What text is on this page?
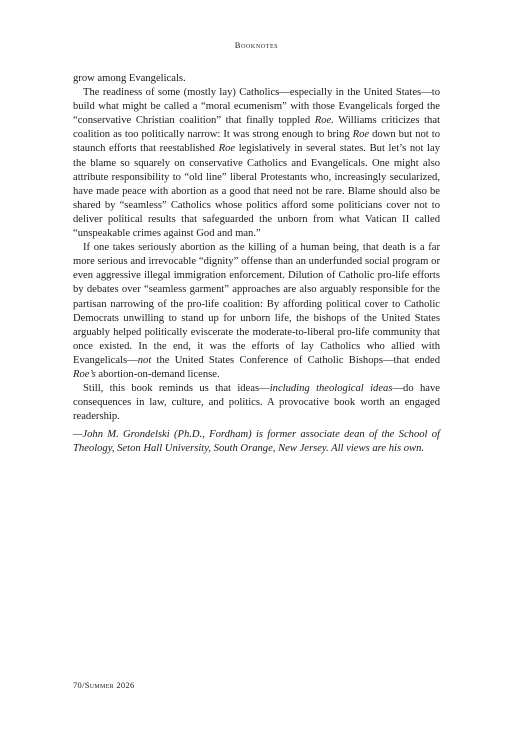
Booknotes

grow among Evangelicals.

The readiness of some (mostly lay) Catholics—especially in the United States—to build what might be called a “moral ecumenism” with those Evangelicals forged the “conservative Christian coalition” that finally toppled Roe. Williams criticizes that coalition as too politically narrow: It was strong enough to bring Roe down but not to staunch efforts that reestablished Roe legislatively in several states. But let’s not lay the blame so squarely on conservative Catholics and Evangelicals. One might also attribute responsibility to “old line” liberal Protestants who, increasingly secularized, have made peace with abortion as a good that need not be rare. Blame should also be shared by “seamless” Catholics whose politics afford some politicians cover not to deliver political results that safeguarded the unborn from what Vatican II called “unspeakable crimes against God and man.”

If one takes seriously abortion as the killing of a human being, that death is a far more serious and irrevocable “dignity” offense than an underfunded social program or even aggressive illegal immigration enforcement. Dilution of Catholic pro-life efforts by debates over “seamless garment” approaches are also arguably responsible for the partisan narrowing of the pro-life coalition: By affording political cover to Catholic Democrats unwilling to stand up for unborn life, the bishops of the United States arguably helped politically eviscerate the moderate-to-liberal pro-life community that once existed. In the end, it was the efforts of lay Catholics who allied with Evangelicals—not the United States Conference of Catholic Bishops—that ended Roe’s abortion-on-demand license.

Still, this book reminds us that ideas—including theological ideas—do have consequences in law, culture, and politics. A provocative book worth an engaged readership.

—John M. Grondelski (Ph.D., Fordham) is former associate dean of the School of Theology, Seton Hall University, South Orange, New Jersey. All views are his own.

70/Summer 2026
